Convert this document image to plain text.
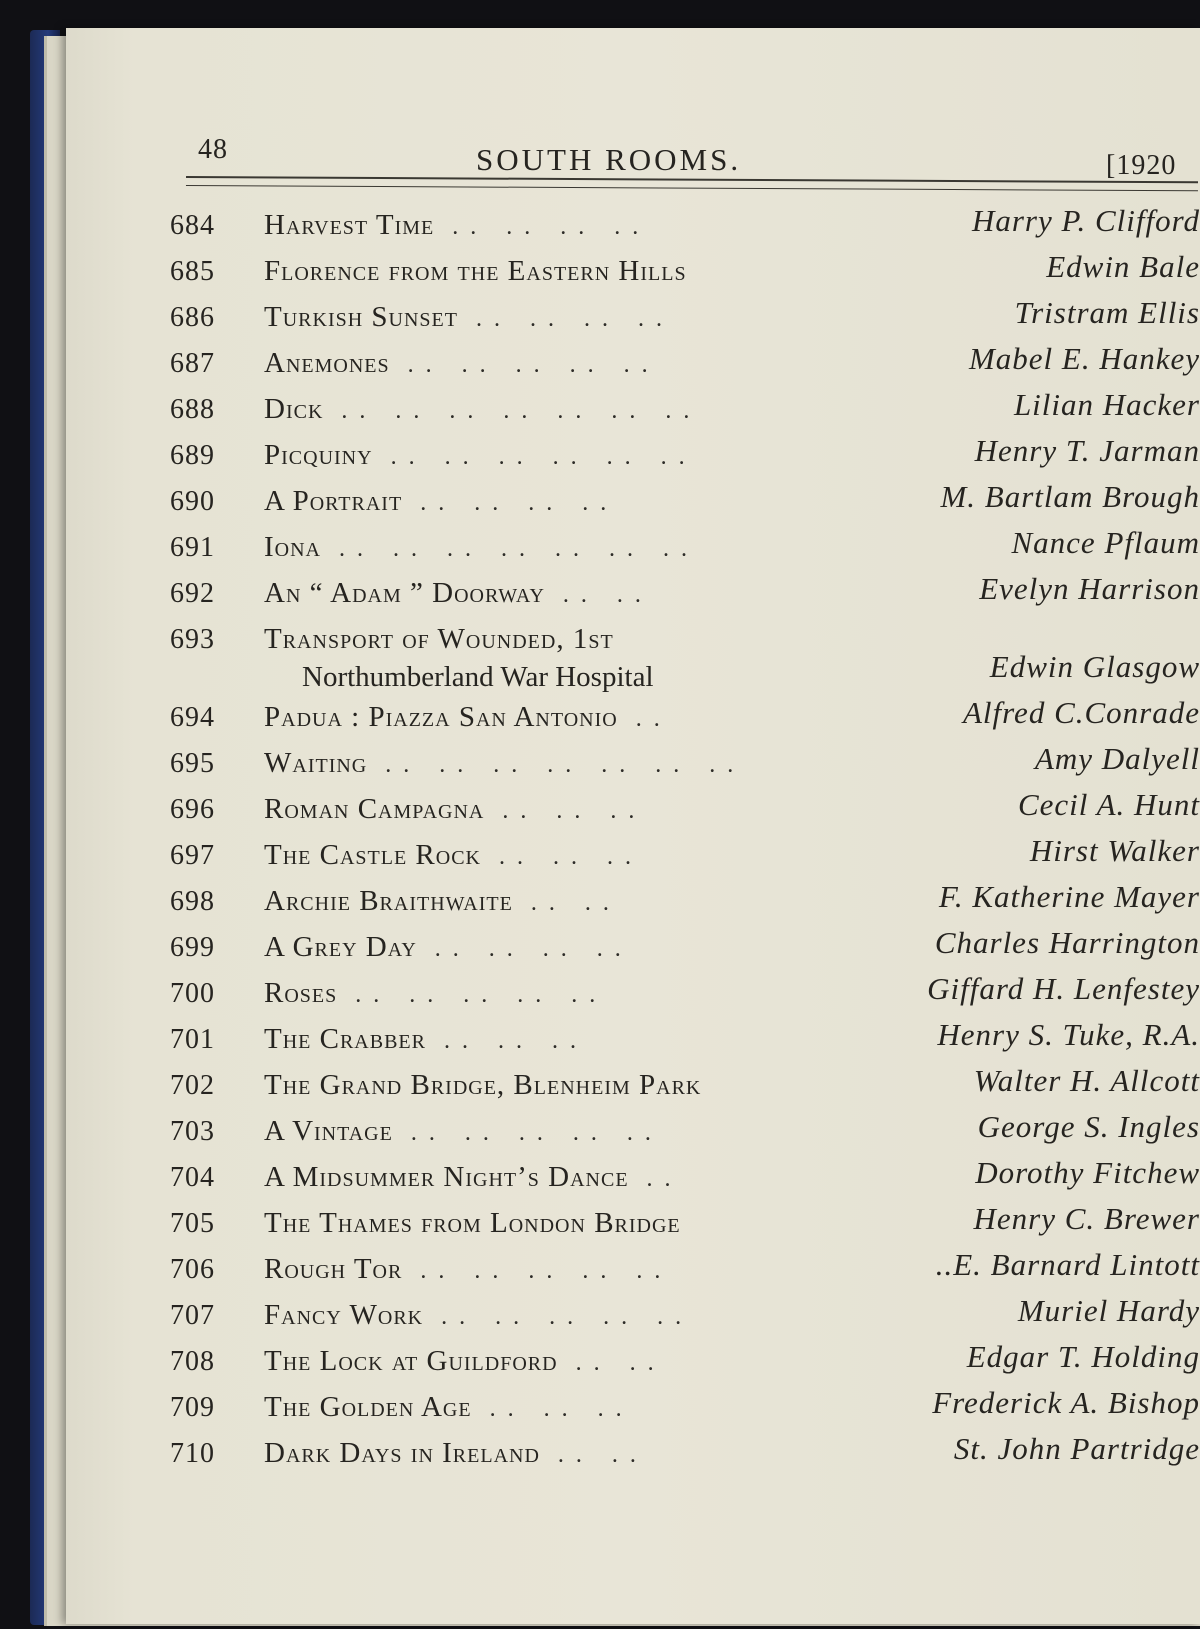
48	SOUTH ROOMS.	[1920
684	Harvest Time .. .. .. ..	Harry P. Clifford
685	Florence from the Eastern Hills	Edwin Bale
686	Turkish Sunset .. .. .. ..	Tristram Ellis
687	Anemones .. .. .. .. ..	Mabel E. Hankey
688	Dick .. .. .. .. .. .. ..	Lilian Hacker
689	Picquiny .. .. .. .. .. ..	Henry T. Jarman
690	A Portrait .. .. .. ..	M. Bartlam Brough
691	Iona .. .. .. .. .. .. ..	Nance Pflaum
692	An “ Adam ” Doorway .. ..	Evelyn Harrison
693	Transport of Wounded, 1st
Northumberland War Hospital	Edwin Glasgow
694	Padua : Piazza San Antonio ..	Alfred C.Conrade
695	Waiting .. .. .. .. .. .. ..	Amy Dalyell
696	Roman Campagna .. .. ..	Cecil A. Hunt
697	The Castle Rock .. .. ..	Hirst Walker
698	Archie Braithwaite .. ..	F. Katherine Mayer
699	A Grey Day .. .. .. ..	Charles Harrington
700	Roses .. .. .. .. ..	Giffard H. Lenfestey
701	The Crabber .. .. ..	Henry S. Tuke, R.A.
702	The Grand Bridge, Blenheim Park	Walter H. Allcott
703	A Vintage .. .. .. .. ..	George S. Ingles
704	A Midsummer Night’s Dance ..	Dorothy Fitchew
705	The Thames from London Bridge	Henry C. Brewer
706	Rough Tor .. .. .. .. ..	..E. Barnard Lintott
707	Fancy Work .. .. .. .. ..	Muriel Hardy
708	The Lock at Guildford .. ..	Edgar T. Holding
709	The Golden Age .. .. ..	Frederick A. Bishop
710	Dark Days in Ireland .. ..	St. John Partridge
